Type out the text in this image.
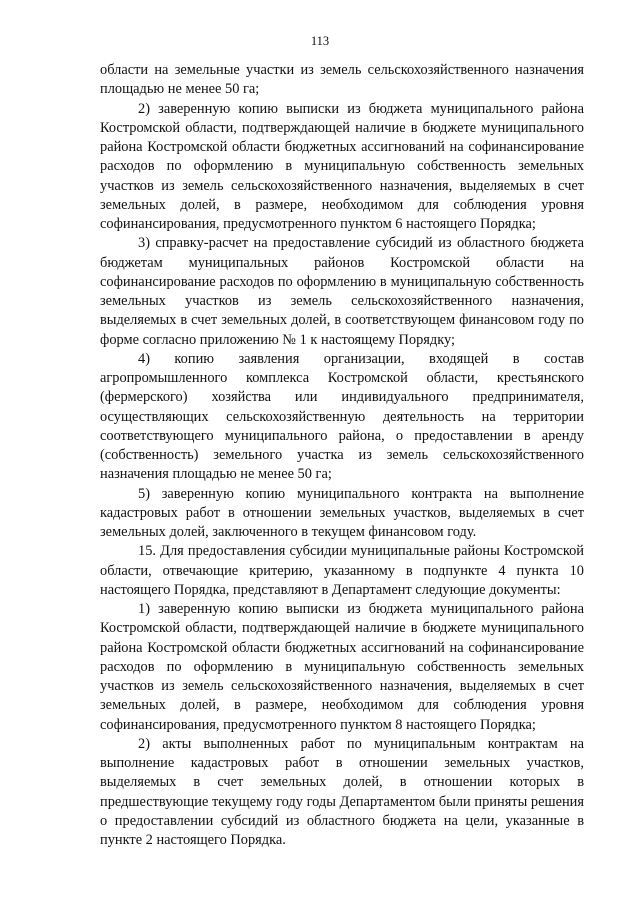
113

области на земельные участки из земель сельскохозяйственного назначения площадью не менее 50 га;

2) заверенную копию выписки из бюджета муниципального района Костромской области, подтверждающей наличие в бюджете муниципального района Костромской области бюджетных ассигнований на софинансирование расходов по оформлению в муниципальную собственность земельных участков из земель сельскохозяйственного назначения, выделяемых в счет земельных долей, в размере, необходимом для соблюдения уровня софинансирования, предусмотренного пунктом 6 настоящего Порядка;

3) справку-расчет на предоставление субсидий из областного бюджета бюджетам муниципальных районов Костромской области на софинансирование расходов по оформлению в муниципальную собственность земельных участков из земель сельскохозяйственного назначения, выделяемых в счет земельных долей, в соответствующем финансовом году по форме согласно приложению № 1 к настоящему Порядку;

4) копию заявления организации, входящей в состав агропромышленного комплекса Костромской области, крестьянского (фермерского) хозяйства или индивидуального предпринимателя, осуществляющих сельскохозяйственную деятельность на территории соответствующего муниципального района, о предоставлении в аренду (собственность) земельного участка из земель сельскохозяйственного назначения площадью не менее 50 га;

5) заверенную копию муниципального контракта на выполнение кадастровых работ в отношении земельных участков, выделяемых в счет земельных долей, заключенного в текущем финансовом году.

15. Для предоставления субсидии муниципальные районы Костромской области, отвечающие критерию, указанному в подпункте 4 пункта 10 настоящего Порядка, представляют в Департамент следующие документы:

1) заверенную копию выписки из бюджета муниципального района Костромской области, подтверждающей наличие в бюджете муниципального района Костромской области бюджетных ассигнований на софинансирование расходов по оформлению в муниципальную собственность земельных участков из земель сельскохозяйственного назначения, выделяемых в счет земельных долей, в размере, необходимом для соблюдения уровня софинансирования, предусмотренного пунктом 8 настоящего Порядка;

2) акты выполненных работ по муниципальным контрактам на выполнение кадастровых работ в отношении земельных участков, выделяемых в счет земельных долей, в отношении которых в предшествующие текущему году годы Департаментом были приняты решения о предоставлении субсидий из областного бюджета на цели, указанные в пункте 2 настоящего Порядка.
